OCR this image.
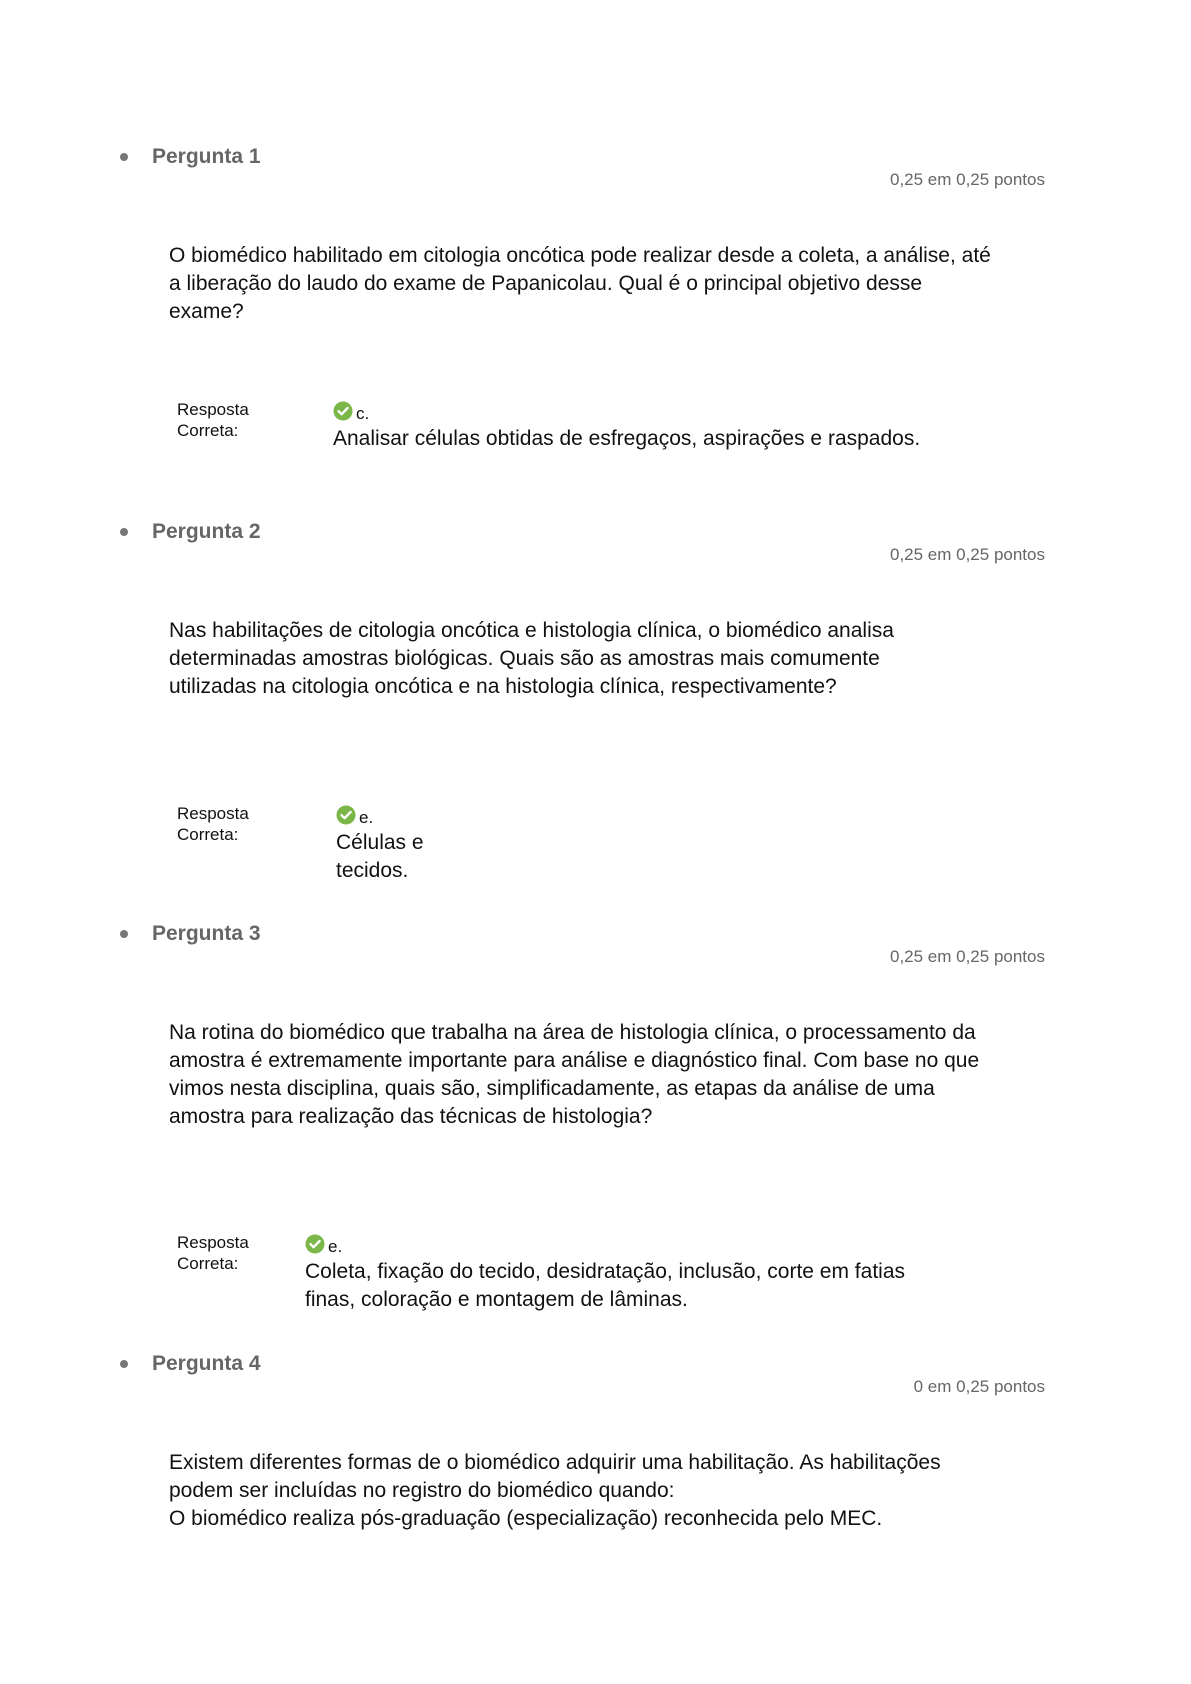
Pergunta 1
0,25 em 0,25 pontos
O biomédico habilitado em citologia oncótica pode realizar desde a coleta, a análise, até a liberação do laudo do exame de Papanicolau. Qual é o principal objetivo desse exame?
Resposta Correta:
c.
Analisar células obtidas de esfregaços, aspirações e raspados.
Pergunta 2
0,25 em 0,25 pontos
Nas habilitações de citologia oncótica e histologia clínica, o biomédico analisa determinadas amostras biológicas. Quais são as amostras mais comumente utilizadas na citologia oncótica e na histologia clínica, respectivamente?
Resposta Correta:
e.
Células e tecidos.
Pergunta 3
0,25 em 0,25 pontos
Na rotina do biomédico que trabalha na área de histologia clínica, o processamento da amostra é extremamente importante para análise e diagnóstico final. Com base no que vimos nesta disciplina, quais são, simplificadamente, as etapas da análise de uma amostra para realização das técnicas de histologia?
Resposta Correta:
e.
Coleta, fixação do tecido, desidratação, inclusão, corte em fatias finas, coloração e montagem de lâminas.
Pergunta 4
0 em 0,25 pontos
Existem diferentes formas de o biomédico adquirir uma habilitação. As habilitações podem ser incluídas no registro do biomédico quando:
O biomédico realiza pós-graduação (especialização) reconhecida pelo MEC.
